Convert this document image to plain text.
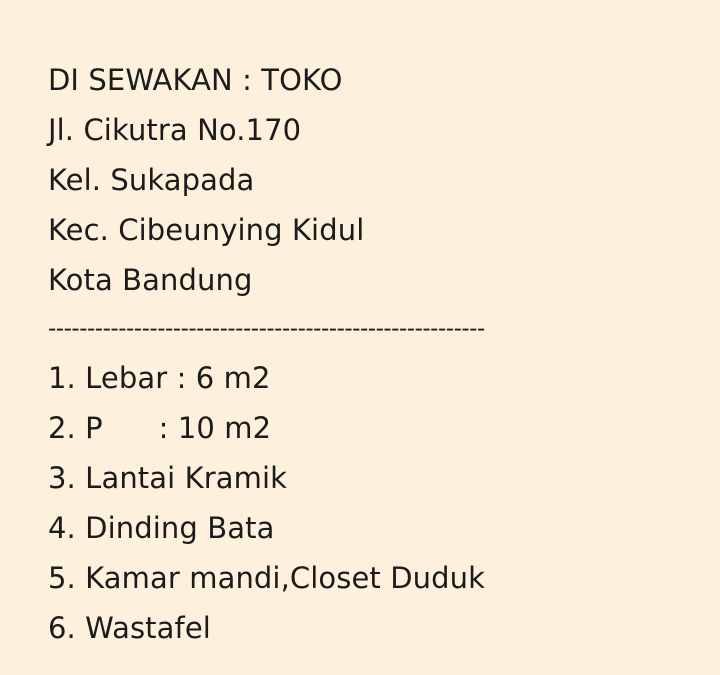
DI SEWAKAN : TOKO
Jl. Cikutra No.170
Kel. Sukapada
Kec. Cibeunying Kidul
Kota Bandung
--------------------------------------------------------
1. Lebar : 6 m2
2. P      : 10 m2
3. Lantai Kramik
4. Dinding Bata
5. Kamar mandi,Closet Duduk
6. Wastafel
